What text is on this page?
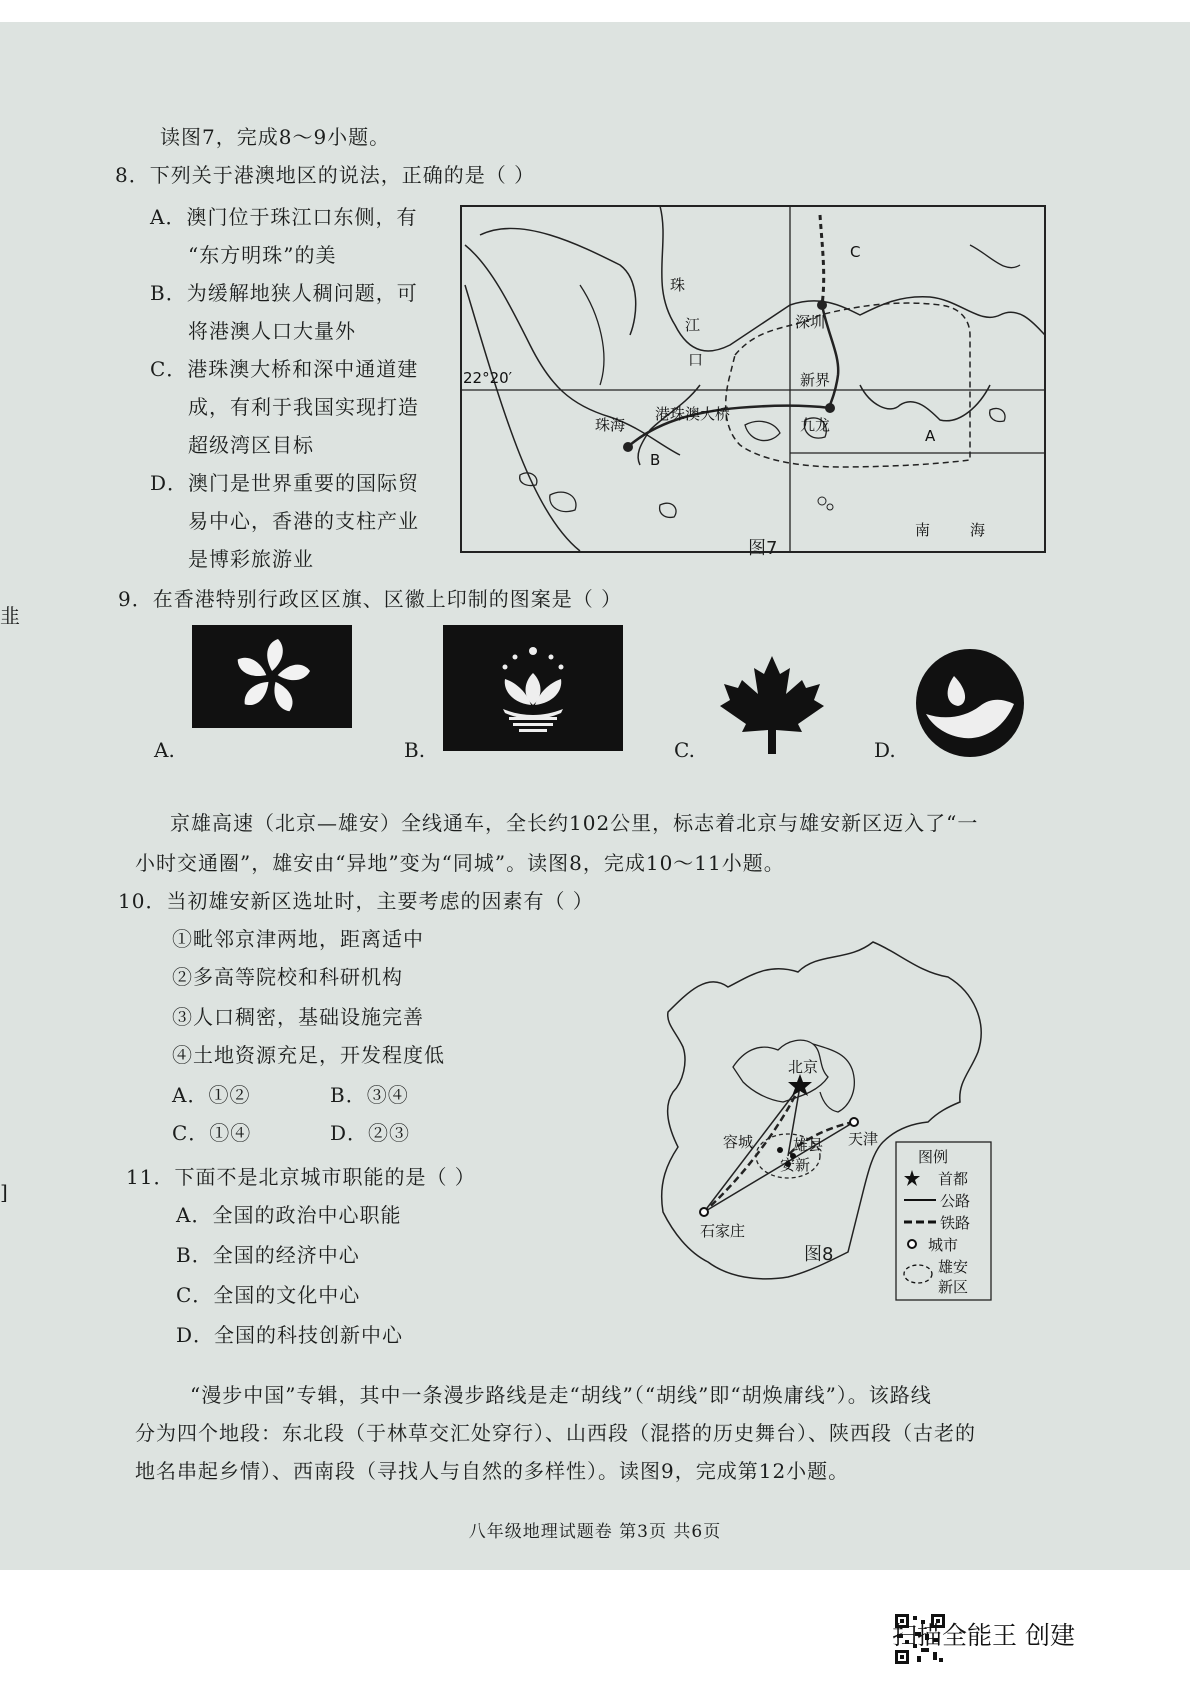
读图7，完成8～9小题。
8．下列关于港澳地区的说法，正确的是（ ）
A．澳门位于珠江口东侧，有
“东方明珠”的美
B．为缓解地狭人稠问题，可
将港澳人口大量外
C．港珠澳大桥和深中通道建
成，有利于我国实现打造
超级湾区目标
D．澳门是世界重要的国际贸
易中心，香港的支柱产业
是博彩旅游业
珠
江
口
深圳
新界
珠海
港珠澳大桥
九龙
A
B
C
南	海
22°20′
图7
9．在香港特别行政区区旗、区徽上印制的图案是（ ）
A.	B.	C.	D.
京雄高速（北京—雄安）全线通车，全长约102公里，标志着北京与雄安新区迈入了“一
小时交通圈”，雄安由“异地”变为“同城”。读图8，完成10～11小题。
10．当初雄安新区选址时，主要考虑的因素有（ ）
①毗邻京津两地，距离适中
②多高等院校和科研机构
③人口稠密，基础设施完善
④土地资源充足，开发程度低
A．①②	B．③④
C．①④	D．②③
11．下面不是北京城市职能的是（ ）
A．全国的政治中心职能
B．全国的经济中心
C．全国的文化中心
D．全国的科技创新中心
北京
天津
容城	雄县
安新
石家庄
图例
首都
公路
铁路
城市
雄安
新区
图8
“漫步中国”专辑，其中一条漫步路线是走“胡线”（“胡线”即“胡焕庸线”）。该路线
分为四个地段：东北段（于林草交汇处穿行）、山西段（混搭的历史舞台）、陕西段（古老的
地名串起乡情）、西南段（寻找人与自然的多样性）。读图9，完成第12小题。
八年级地理试题卷 第3页 共6页
韭
]
扫描全能王 创建
